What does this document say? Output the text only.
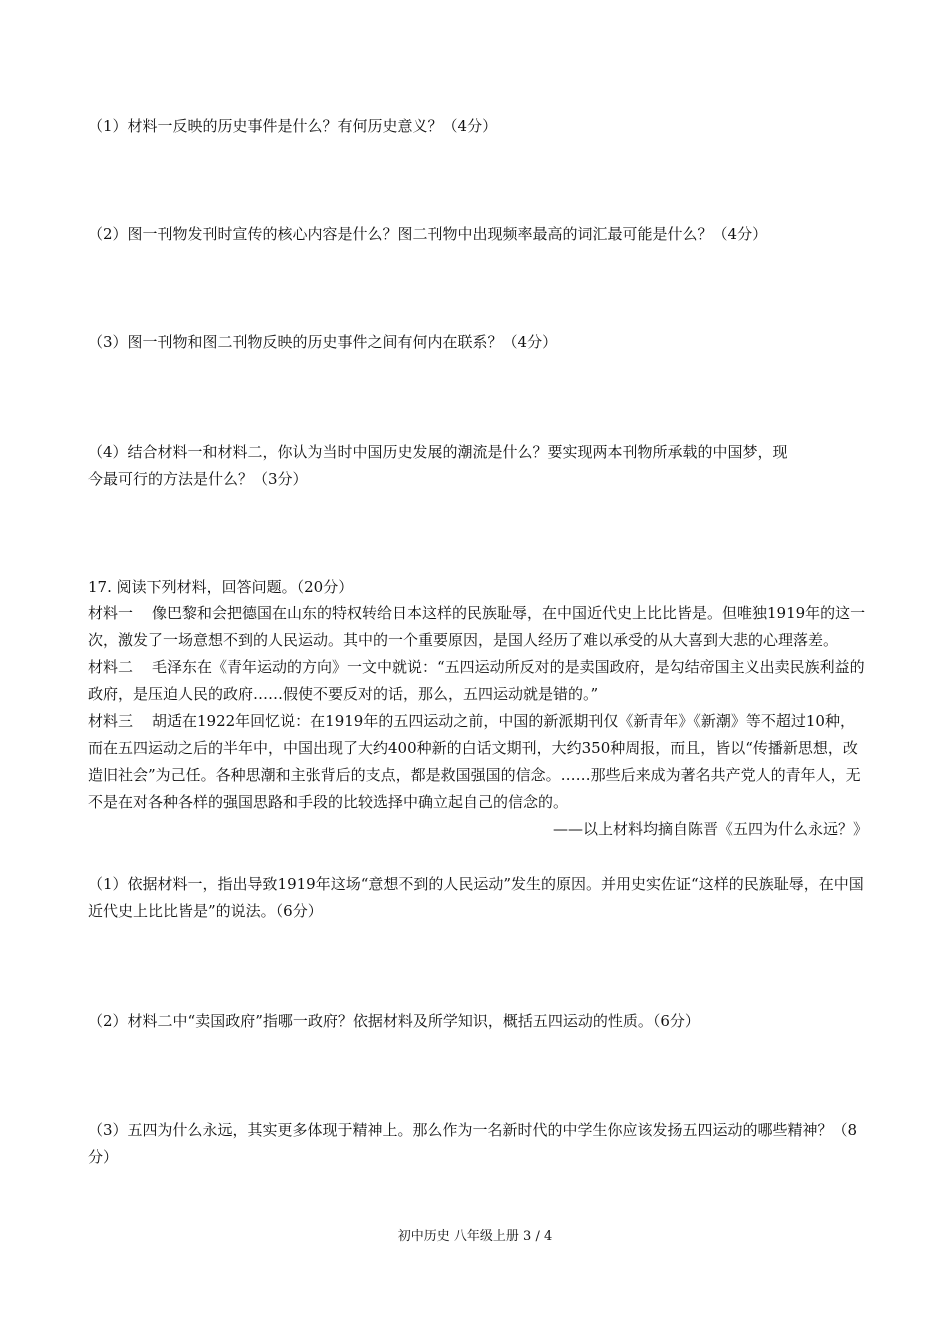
（1）材料一反映的历史事件是什么？有何历史意义？（4分）
（2）图一刊物发刊时宣传的核心内容是什么？图二刊物中出现频率最高的词汇最可能是什么？（4分）
（3）图一刊物和图二刊物反映的历史事件之间有何内在联系？（4分）
（4）结合材料一和材料二，你认为当时中国历史发展的潮流是什么？要实现两本刊物所承载的中国梦，现
今最可行的方法是什么？（3分）
17. 阅读下列材料，回答问题。（20分）

材料一 像巴黎和会把德国在山东的特权转给日本这样的民族耻辱，在中国近代史上比比皆是。但唯独1919年的这一次，激发了一场意想不到的人民运动。其中的一个重要原因，是国人经历了难以承受的从大喜到大悲的心理落差。

材料二 毛泽东在《青年运动的方向》一文中就说：“五四运动所反对的是卖国政府，是勾结帝国主义出卖民族利益的政府，是压迫人民的政府……假使不要反对的话，那么，五四运动就是错的。”

材料三 胡适在1922年回忆说：在1919年的五四运动之前，中国的新派期刊仅《新青年》《新潮》等不超过10种，而在五四运动之后的半年中，中国出现了大约400种新的白话文期刊，大约350种周报，而且，皆以“传播新思想，改造旧社会”为己任。各种思潮和主张背后的支点，都是救国强国的信念。……那些后来成为著名共产党人的青年人，无不是在对各种各样的强国思路和手段的比较选择中确立起自己的信念的。

——以上材料均摘自陈晋《五四为什么永远？》

（1）依据材料一，指出导致1919年这场“意想不到的人民运动”发生的原因。并用史实佐证“这样的民族耻辱，在中国近代史上比比皆是”的说法。（6分）
（2）材料二中“卖国政府”指哪一政府？依据材料及所学知识，概括五四运动的性质。（6分）
（3）五四为什么永远，其实更多体现于精神上。那么作为一名新时代的中学生你应该发扬五四运动的哪些精神？（8分）
初中历史 八年级上册 3 / 4
